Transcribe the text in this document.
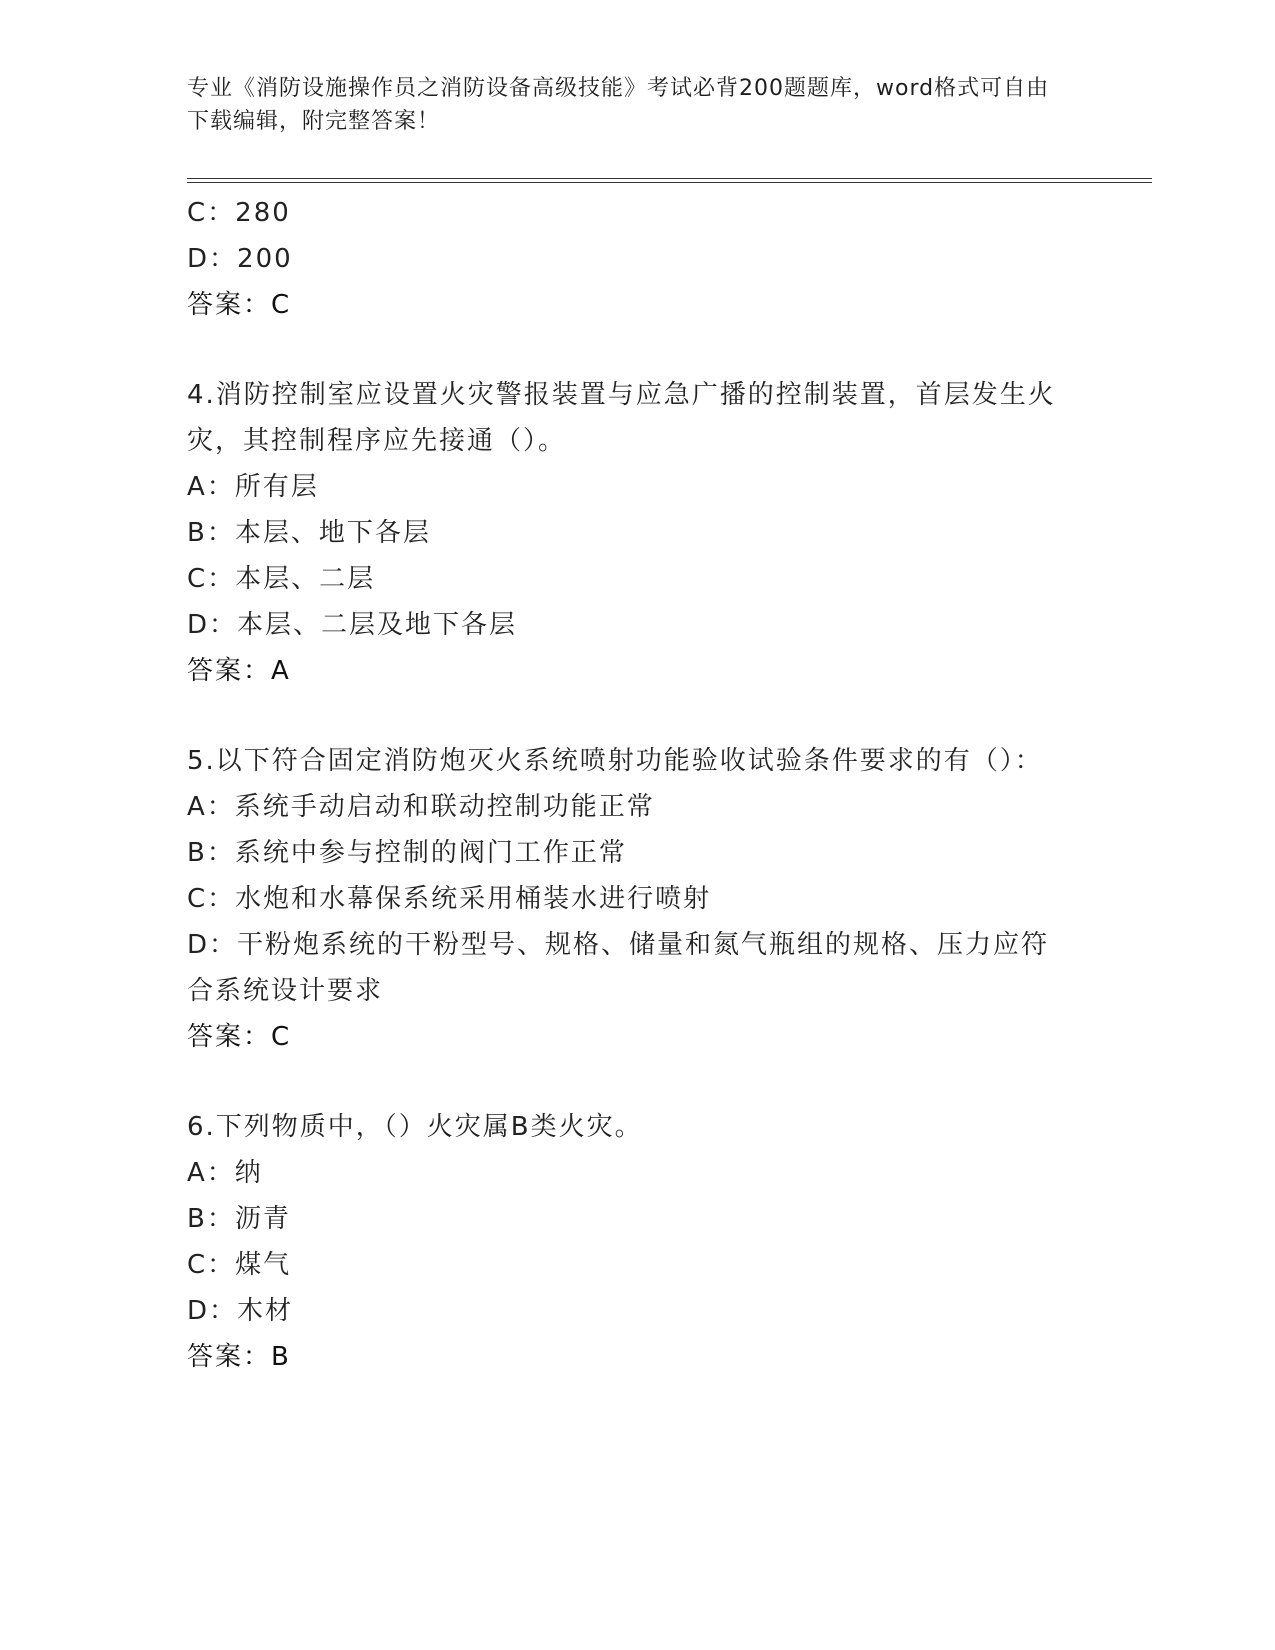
专业《消防设施操作员之消防设备高级技能》考试必背200题题库，word格式可自由下载编辑，附完整答案！
C：280
D：200
答案：C
4.消防控制室应设置火灾警报装置与应急广播的控制装置，首层发生火灾，其控制程序应先接通（）。
A：所有层
B：本层、地下各层
C：本层、二层
D：本层、二层及地下各层
答案：A
5.以下符合固定消防炮灭火系统喷射功能验收试验条件要求的有（）：
A：系统手动启动和联动控制功能正常
B：系统中参与控制的阀门工作正常
C：水炮和水幕保系统采用桶装水进行喷射
D：干粉炮系统的干粉型号、规格、储量和氮气瓶组的规格、压力应符合系统设计要求
答案：C
6.下列物质中，（）火灾属B类火灾。
A：纳
B：沥青
C：煤气
D：木材
答案：B
